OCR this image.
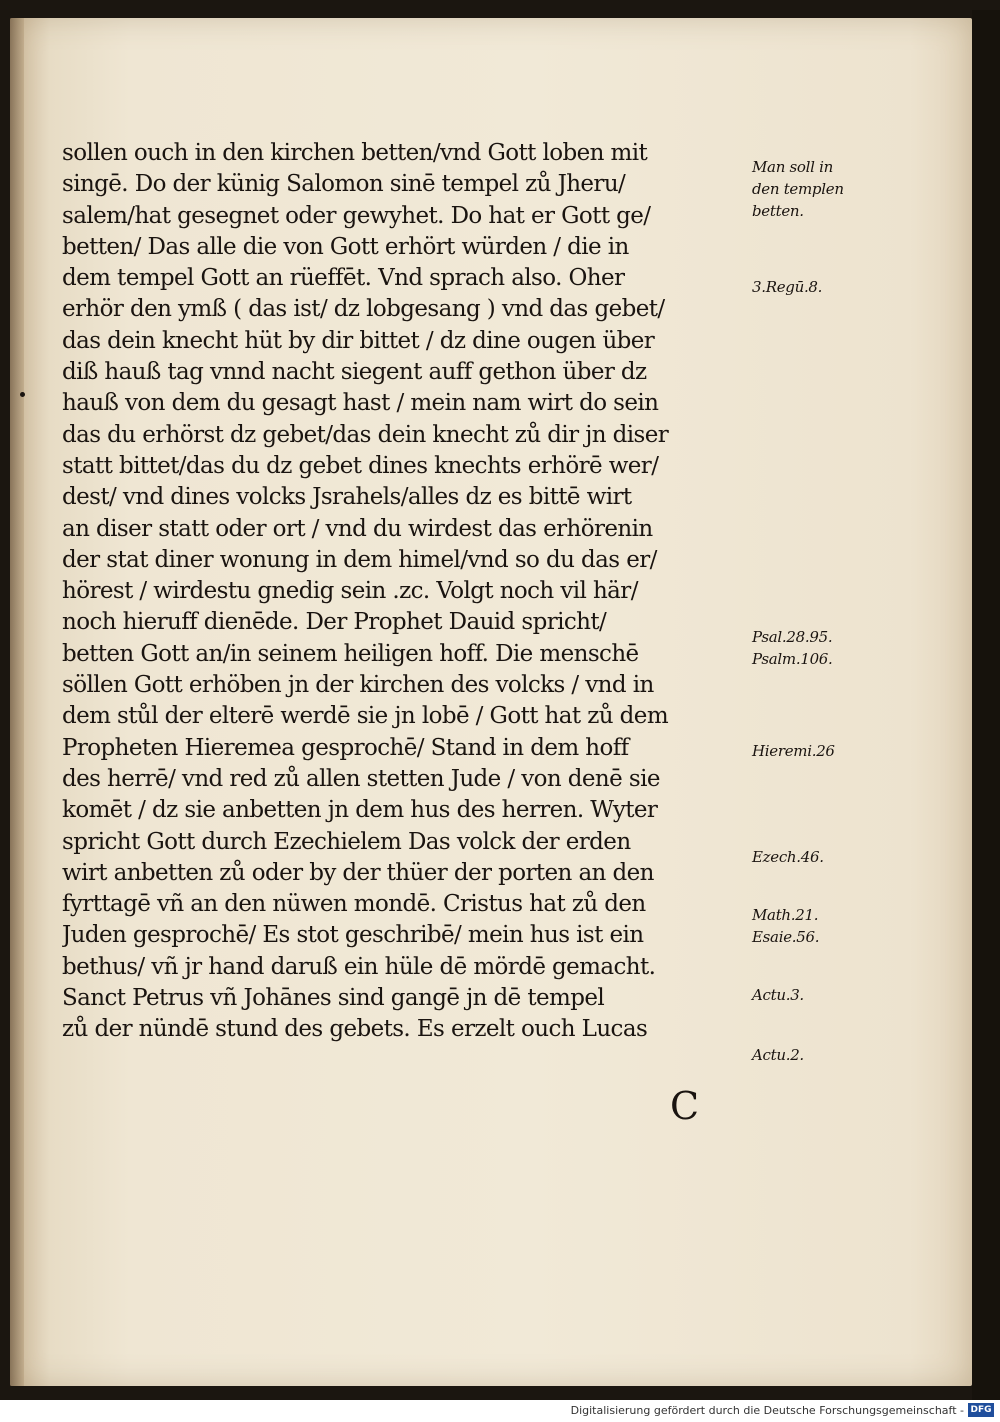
sollen ouch in den kirchen betten/vnd Gott loben mit
singē. Do der künig Salomon sinē tempel zů Jheru/
salem/hat gesegnet oder gewyhet. Do hat er Gott ge/
betten/ Das alle die von Gott erhört würden / die in
dem tempel Gott an rüeffēt. Vnd sprach also. Oher
erhör den ymß ( das ist/ dz lobgesang ) vnd das gebet/
das dein knecht hüt by dir bittet / dz dine ougen über
diß hauß tag vnnd nacht siegent auff gethon über dz
hauß von dem du gesagt hast / mein nam wirt do sein
das du erhörst dz gebet/das dein knecht zů dir jn diser
statt bittet/das du dz gebet dines knechts erhörē wer/
dest/ vnd dines volcks Jsrahels/alles dz es bittē wirt
an diser statt oder ort / vnd du wirdest das erhörenin
der stat diner wonung in dem himel/vnd so du das er/
hörest / wirdestu gnedig sein .zc. Volgt noch vil här/
noch hieruff dienēde. Der Prophet Dauid spricht/
betten Gott an/in seinem heiligen hoff. Die menschē
söllen Gott erhöben jn der kirchen des volcks / vnd in
dem stůl der elterē werdē sie jn lobē / Gott hat zů dem
Propheten Hieremea gesprochē/ Stand in dem hoff
des herrē/ vnd red zů allen stetten Jude / von denē sie
komēt / dz sie anbetten jn dem hus des herren. Wyter
spricht Gott durch Ezechielem Das volck der erden
wirt anbetten zů oder by der thüer der porten an den
fyrttagē vñ an den nüwen mondē. Cristus hat zů den
Juden gesprochē/ Es stot geschribē/ mein hus ist ein
bethus/ vñ jr hand daruß ein hüle dē mördē gemacht.
Sanct Petrus vñ Johānes sind gangē jn dē tempel
zů der nündē stund des gebets. Es erzelt ouch Lucas
Man soll in
den templen
betten.
3.Regū.8.
Psal.28.95.
Psalm.106.
Hieremi.26
Ezech.46.
Math.21.
Esaie.56.
Actu.3.
Actu.2.
C
Digitalisierung gefördert durch die Deutsche Forschungsgemeinschaft - DFG
